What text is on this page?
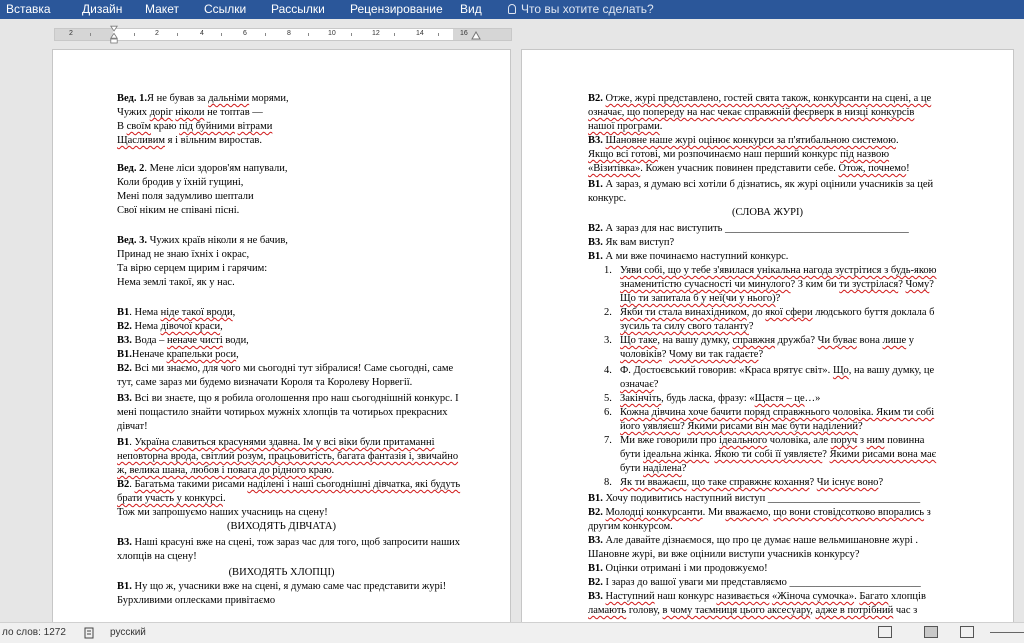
Вставка	Дизайн Макет Ссылки Рассылки Рецензирование Вид	Что вы хотите сделать?
2	2	4	6	8	10	12	14	16
Вед. 1.Я не бував за дальніми морями,
Чужих доріг ніколи не топтав —
В своїм краю під буйними вітрами
Щасливим я і вільним виростав.
Вед. 2. Мене ліси здоров'ям напували,
Коли бродив у їхній гущині,
Мені поля задумливо шептали
Свої ніким не співані пісні.
Вед. 3. Чужих країв ніколи я не бачив,
Принад не знаю їхніх і окрас,
Та вірю серцем щирим і гарячим:
Нема землі такої, як у нас.
В1. Нема ніде такої вроди,
В2. Нема дівочої краси,
В3. Вода – неначе чисті води,
В1.Неначе крапельки роси,
В2. Всі ми знаємо, для чого ми сьогодні тут зібралися! Саме сьогодні, саме
тут, саме зараз ми будемо визначати Короля та Королеву Норвегії.
В3. Всі ви знаєте, що я робила оголошення про наш сьогоднішній конкурс. І
мені пощастило знайти чотирьох мужніх хлопців та чотирьох прекрасних
дівчат!
В1. Україна славиться красунями здавна. Ім у всі віки були притаманні
неповторна врода, світлий розум, працьовитість, багата фантазія і, звичайно
ж, велика шана, любов і повага до рідного краю.
В2. Багатьма такими рисами наділені і наші сьогоднішні дівчатка, які будуть
брати участь у конкурсі.
Тож ми запрошуємо наших учасниць на сцену!
(ВИХОДЯТЬ ДІВЧАТА)
В3. Наші красуні вже на сцені, тож зараз час для того, щоб запросити наших
хлопців на сцену!
(ВИХОДЯТЬ ХЛОПЦІ)
В1. Ну що ж, учасники вже на сцені, я думаю саме час представити журі!
Бурхливими оплесками привітаємо
В2. Отже, журі представлено, гостей свята також, конкурсанти на сцені, а це
означає, що попереду на нас чекає справжній феєрверк в низці конкурсів
нашої програми.
В3. Шановне наше журі оцінює конкурси за п'ятибальною системою.
Якщо всі готові, ми розпочинаємо наш перший конкурс під назвою
«Візитівка». Кожен учасник повинен представити себе. Отож, почнемо!
В1. А зараз, я думаю всі хотіли б дізнатись, як журі оцінили учасників за цей
конкурс.
(СЛОВА ЖУРІ)
В2. А зараз для нас виступить ___________________________________
В3. Як вам виступ?
В1. А ми вже починаємо наступний конкурс.
1. Уяви собі, що у тебе з'явилася унікальна нагода зустрітися з будь-якою
знаменитістю сучасності чи минулого? З ким би ти зустрілася? Чому?
Що ти запитала б у неї(чи у нього)?
2. Якби ти стала винахідником, до якої сфери людського буття доклала б
зусиль та силу свого таланту?
3. Що таке, на вашу думку, справжня дружба? Чи буває вона лише у
чоловіків? Чому ви так гадаєте?
4. Ф. Достоєвський говорив: «Краса врятує світ». Що, на вашу думку, це
означає?
5. Закінчіть, будь ласка, фразу: «Щастя – це…»
6. Кожна дівчина хоче бачити поряд справжнього чоловіка. Яким ти собі
його уявляєш? Якими рисами він має бути наділений?
7. Ми вже говорили про ідеального чоловіка, але поруч з ним повинна
бути ідеальна жінка. Якою ти собі її уявляєте? Якими рисами вона має
бути наділена?
8. Як ти вважаєш, що таке справжнє кохання? Чи існує воно?
В1. Хочу подивитись наступний виступ _____________________________
В2. Молодці конкурсанти. Ми вважаємо, що вони стовідсотково впорались з
другим конкурсом.
В3. Але давайте дізнаємося, що про це думає наше вельмишановне журі .
Шановне журі, ви вже оцінили виступи учасників конкурсу?
В1. Оцінки отримані і ми продовжуємо!
В2. І зараз до вашої уваги ми представляємо _________________________
В3. Наступний наш конкурс називається «Жіноча сумочка». Багато хлопців
ламають голову, в чому таємниця цього аксесуару, адже в потрібний час з
ло слов: 1272	русский
